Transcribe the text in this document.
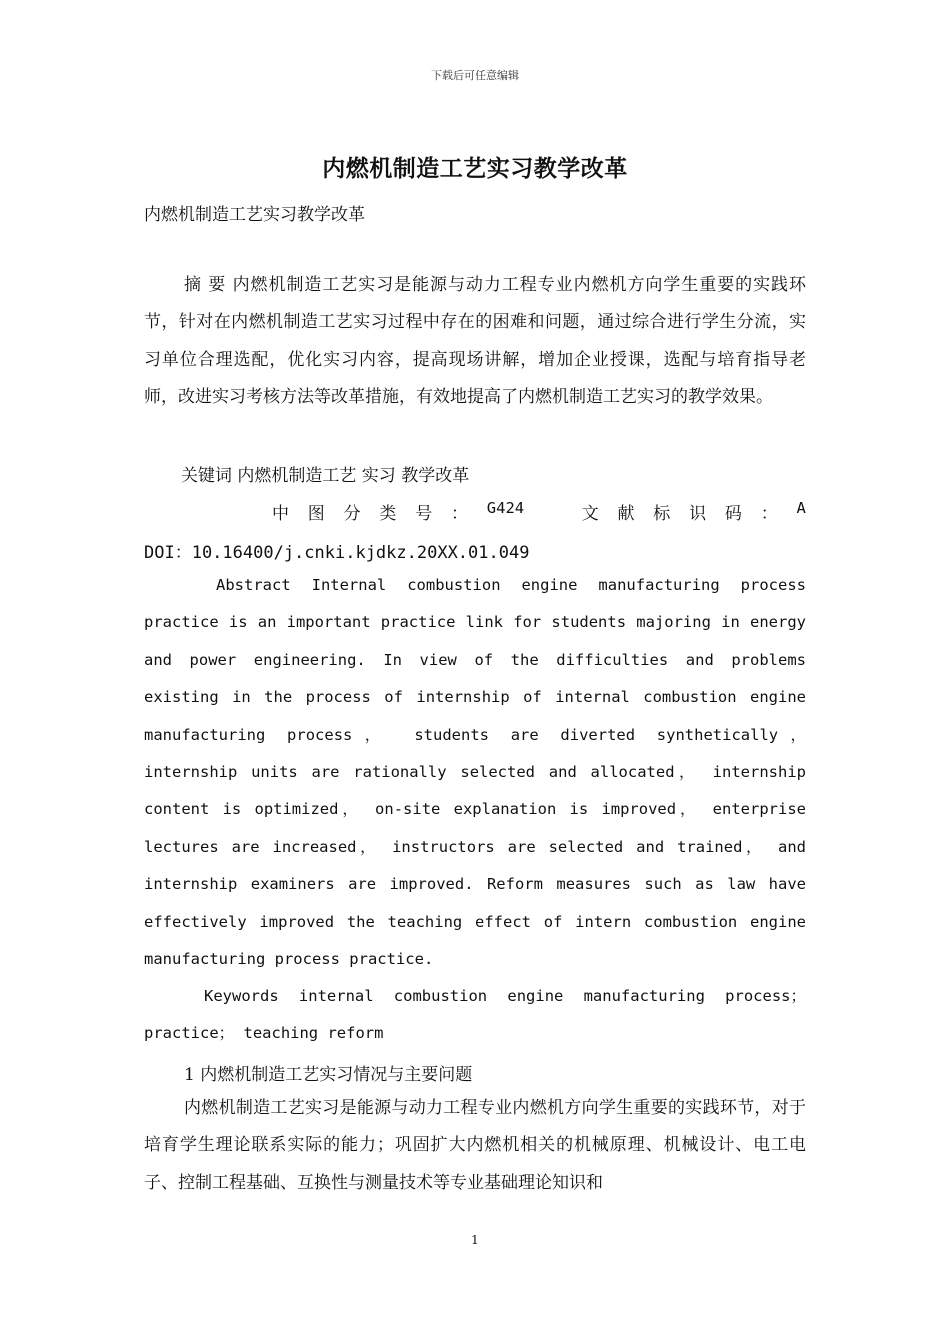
下载后可任意编辑
内燃机制造工艺实习教学改革
内燃机制造工艺实习教学改革
摘 要 内燃机制造工艺实习是能源与动力工程专业内燃机方向学生重要的实践环节，针对在内燃机制造工艺实习过程中存在的困难和问题，通过综合进行学生分流，实习单位合理选配，优化实习内容，提高现场讲解，增加企业授课，选配与培育指导老师，改进实习考核方法等改革措施，有效地提高了内燃机制造工艺实习的教学效果。
关键词 内燃机制造工艺 实习 教学改革
中 图 分 类 号 ： G424	文 献 标 识 码 ： A
DOI：10.16400/j.cnki.kjdkz.20XX.01.049
Abstract Internal combustion engine manufacturing process practice is an important practice link for students majoring in energy and power engineering. In view of the difficulties and problems existing in the process of internship of internal combustion engine manufacturing process， students are diverted synthetically， internship units are rationally selected and allocated， internship content is optimized， on-site explanation is improved， enterprise lectures are increased， instructors are selected and trained， and internship examiners are improved. Reform measures such as law have effectively improved the teaching effect of intern combustion engine manufacturing process practice.
Keywords internal combustion engine manufacturing process； practice； teaching reform
1 内燃机制造工艺实习情况与主要问题
内燃机制造工艺实习是能源与动力工程专业内燃机方向学生重要的实践环节，对于培育学生理论联系实际的能力；巩固扩大内燃机相关的机械原理、机械设计、电工电子、控制工程基础、互换性与测量技术等专业基础理论知识和
1
